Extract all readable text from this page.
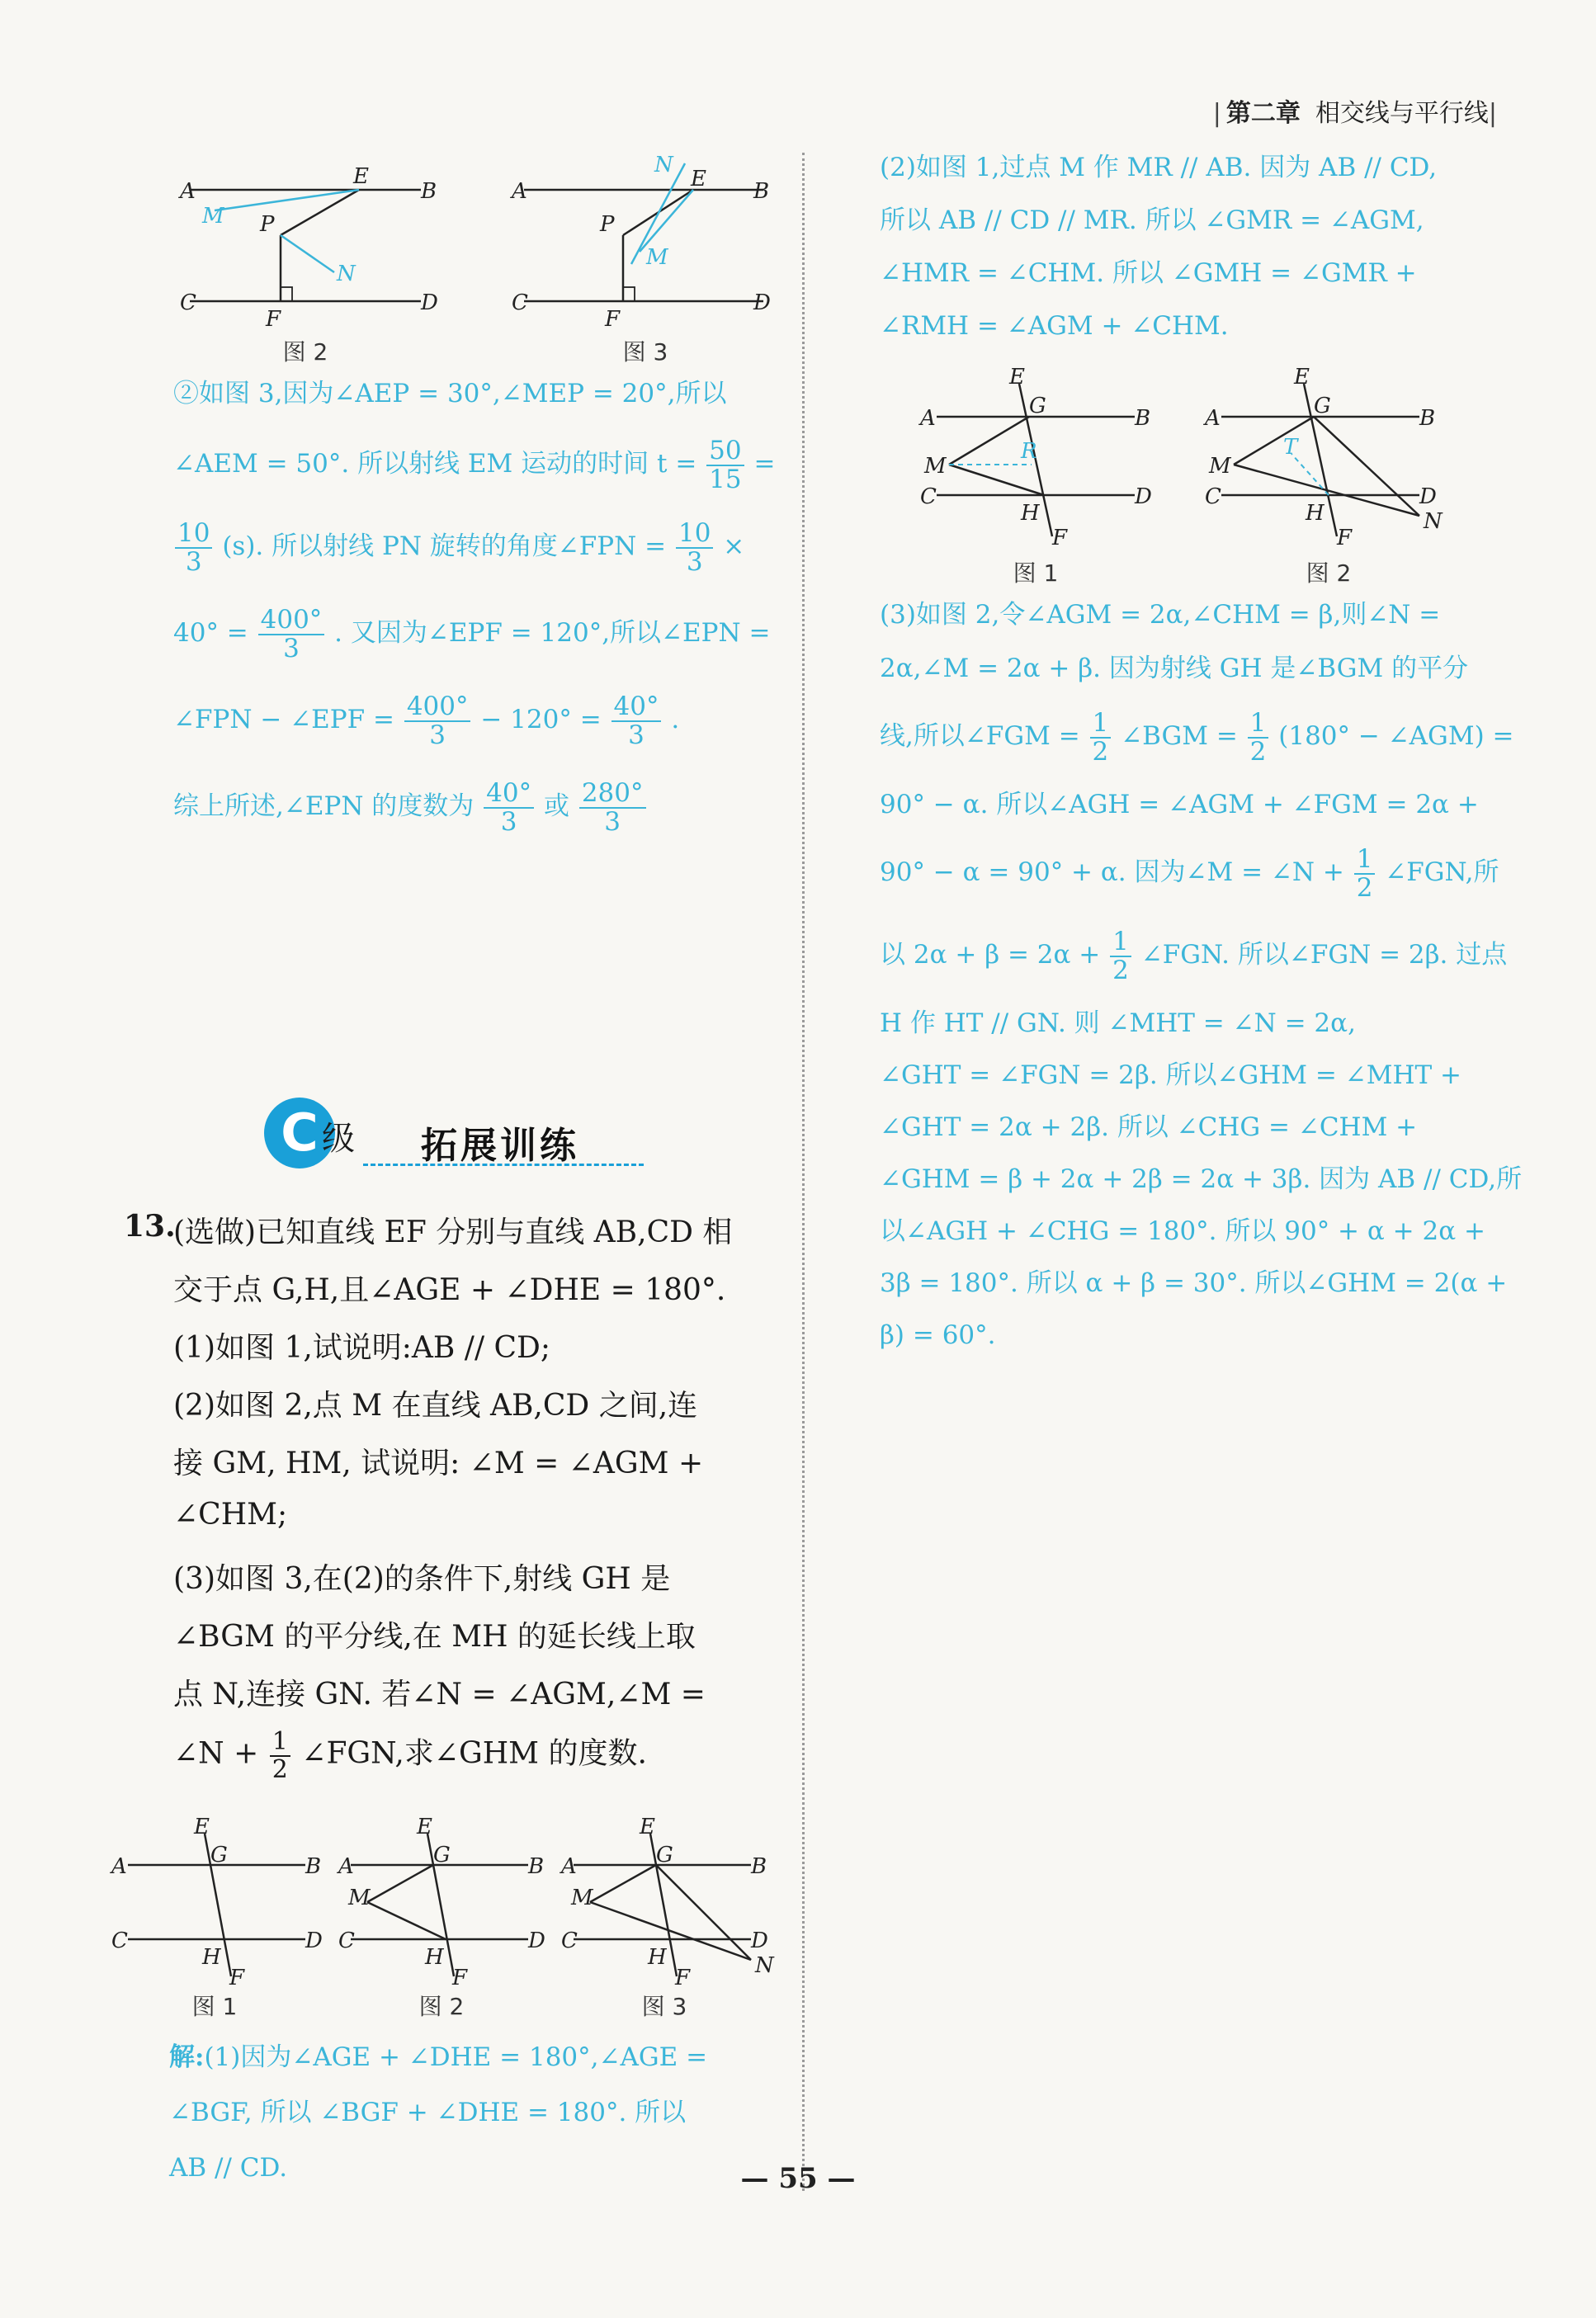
| 第二章 相交线与平行线|
A	B
C	D
E
F
P
M
N
图 2
A	B
C	D
E
F
P
M
N
图 3
②如图 3,因为∠AEP = 30°,∠MEP = 20°,所以
∠AEM = 50°. 所以射线 EM 运动的时间 $t = \frac{50}{15}$ =
$\frac{10}{3} (s)$. 所以射线 PN 旋转的角度∠FPN = $\frac{10}{3}$ ×
$40^\circ = \frac{400^\circ}{3}$ . 又因为∠EPF = 120°,所以∠EPN =
∠FPN − ∠EPF = $\frac{400^\circ}{3} - 120^\circ = \frac{40^\circ}{3}$ .
综上所述,∠EPN 的度数为 $\frac{40^\circ}{3}$ 或 $\frac{280^\circ}{3}$
C 级 拓展训练
13.
(选做)已知直线 EF 分别与直线 AB,CD 相
交于点 G,H,且∠AGE + ∠DHE = 180°.
(1)如图 1,试说明:AB // CD;
(2)如图 2,点 M 在直线 AB,CD 之间,连
接 GM, HM, 试说明: ∠M = ∠AGM +
∠CHM;
(3)如图 3,在(2)的条件下,射线 GH 是
∠BGM 的平分线,在 MH 的延长线上取
点 N,连接 GN. 若∠N = ∠AGM,∠M =
∠N + $\frac{1}{2}$ ∠FGN,求∠GHM 的度数.
A	B
C	D
E
G
H
F
图 1
A	B
C	D
M
E
G
H
F
图 2
A	B
C	D
M
N
E
G
H
F
图 3
解:(1)因为∠AGE + ∠DHE = 180°,∠AGE =
∠BGF, 所以 ∠BGF + ∠DHE = 180°. 所以
AB // CD.
(2)如图 1,过点 M 作 MR // AB. 因为 AB // CD,
所以 AB // CD // MR. 所以 ∠GMR = ∠AGM,
∠HMR = ∠CHM. 所以 ∠GMH = ∠GMR +
∠RMH = ∠AGM + ∠CHM.
A	B
C	D
M
E
G
H
F
R
图 1
A	B
C	D
M
N
E
G
H
F
T
图 2
(3)如图 2,令∠AGM = 2α,∠CHM = β,则∠N =
2α,∠M = 2α + β. 因为射线 GH 是∠BGM 的平分
线,所以∠FGM = $\frac{1}{2}$ ∠BGM = $\frac{1}{2} (180^\circ$ − ∠AGM) =
90° − α. 所以∠AGH = ∠AGM + ∠FGM = 2α +
90° − α = 90° + α. 因为∠M = ∠N + $\frac{1}{2}$ ∠FGN,所
以 $2\alpha + \beta = 2\alpha + \frac{1}{2}$ ∠FGN. 所以∠FGN = 2β. 过点
H 作 HT // GN. 则 ∠MHT = ∠N = 2α,
∠GHT = ∠FGN = 2β. 所以∠GHM = ∠MHT +
∠GHT = 2α + 2β. 所以 ∠CHG = ∠CHM +
∠GHM = β + 2α + 2β = 2α + 3β. 因为 AB // CD,所
以∠AGH + ∠CHG = 180°. 所以 90° + α + 2α +
3β = 180°. 所以 α + β = 30°. 所以∠GHM = 2(α +
β) = 60°.
— 55 —
